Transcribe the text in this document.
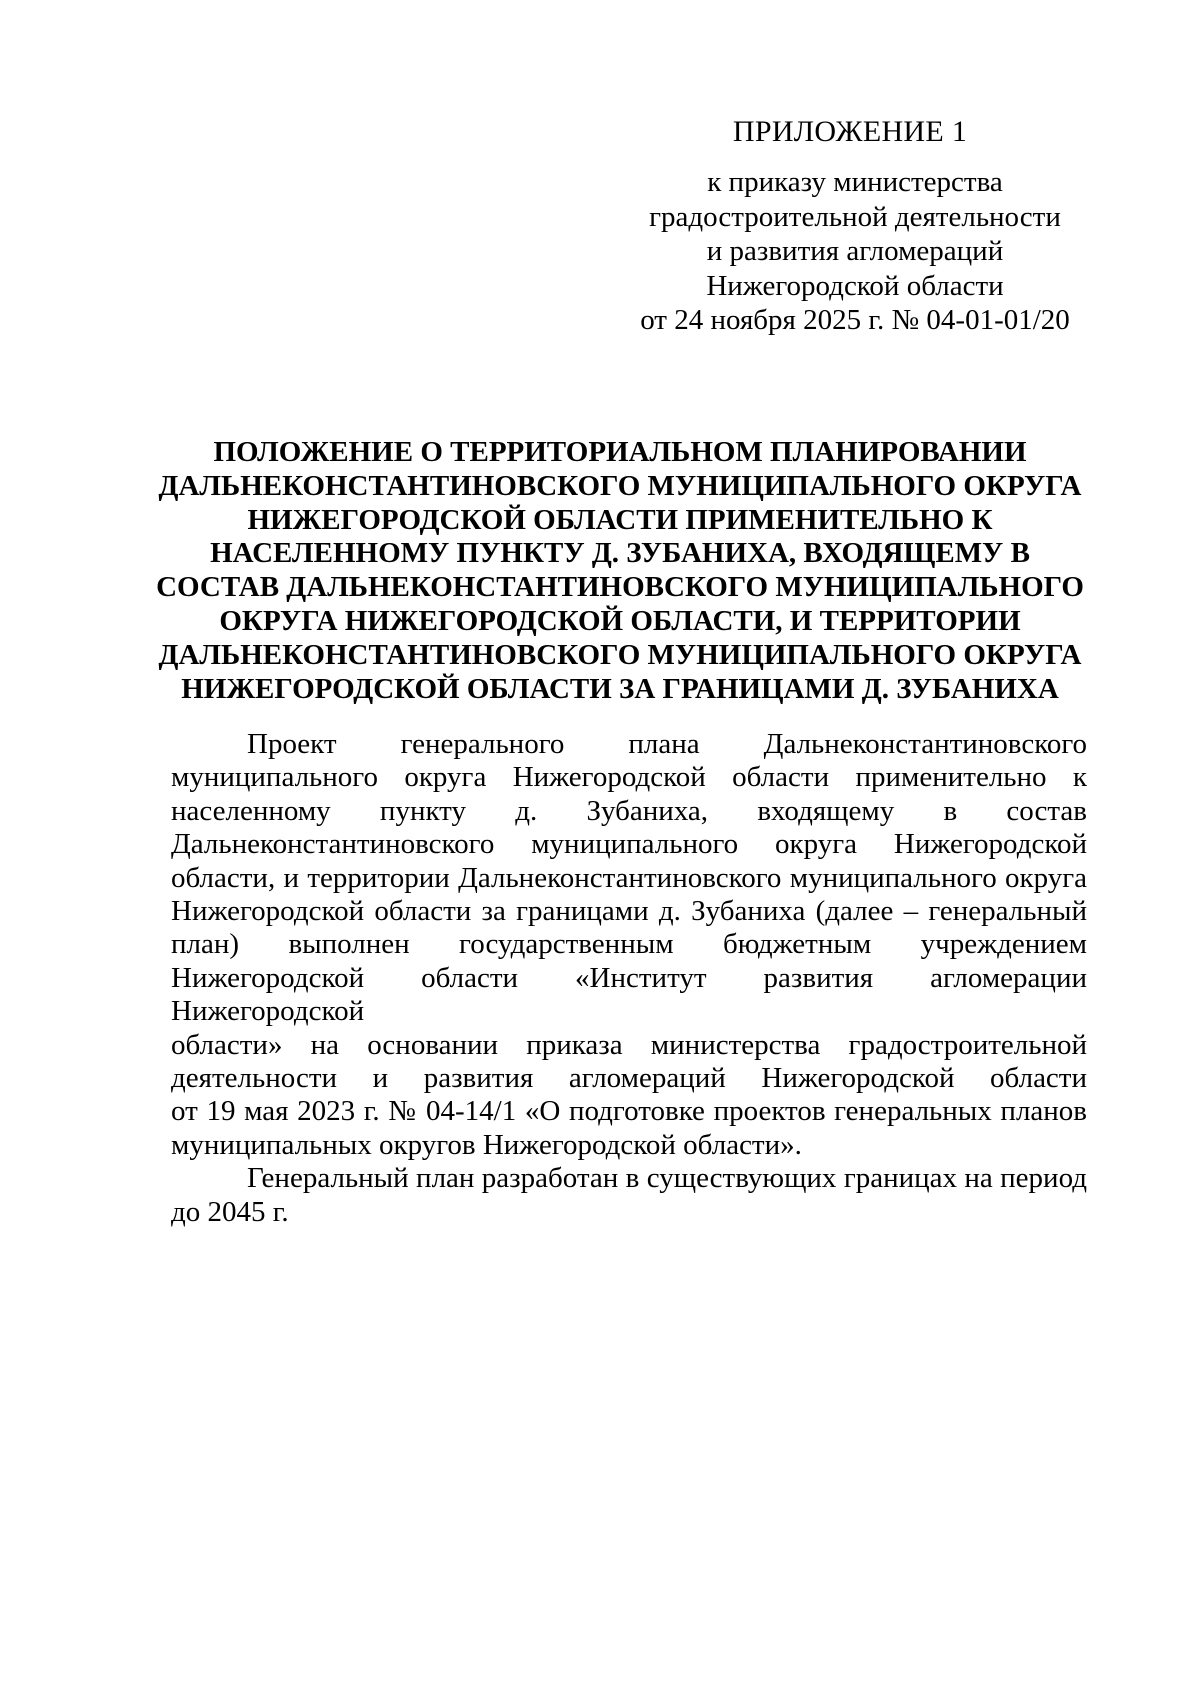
ПРИЛОЖЕНИЕ 1
к приказу министерства
градостроительной деятельности
и развития агломераций
Нижегородской области
от 24 ноября 2025 г. № 04-01-01/20
ПОЛОЖЕНИЕ О ТЕРРИТОРИАЛЬНОМ ПЛАНИРОВАНИИ
ДАЛЬНЕКОНСТАНТИНОВСКОГО МУНИЦИПАЛЬНОГО ОКРУГА
НИЖЕГОРОДСКОЙ ОБЛАСТИ ПРИМЕНИТЕЛЬНО К
НАСЕЛЕННОМУ ПУНКТУ Д. ЗУБАНИХА, ВХОДЯЩЕМУ В
СОСТАВ ДАЛЬНЕКОНСТАНТИНОВСКОГО МУНИЦИПАЛЬНОГО
ОКРУГА НИЖЕГОРОДСКОЙ ОБЛАСТИ, И ТЕРРИТОРИИ
ДАЛЬНЕКОНСТАНТИНОВСКОГО МУНИЦИПАЛЬНОГО ОКРУГА
НИЖЕГОРОДСКОЙ ОБЛАСТИ ЗА ГРАНИЦАМИ Д. ЗУБАНИХА
Проект генерального плана Дальнеконстантиновского
муниципального округа Нижегородской области применительно к
населенному пункту д. Зубаниха, входящему в состав
Дальнеконстантиновского муниципального округа Нижегородской
области, и территории Дальнеконстантиновского муниципального округа
Нижегородской области за границами д. Зубаниха (далее – генеральный
план) выполнен государственным бюджетным учреждением
Нижегородской области «Институт развития агломерации Нижегородской
области» на основании приказа министерства градостроительной
деятельности и развития агломераций Нижегородской области
от 19 мая 2023 г. № 04-14/1 «О подготовке проектов генеральных планов
муниципальных округов Нижегородской области».
Генеральный план разработан в существующих границах на период
до 2045 г.
